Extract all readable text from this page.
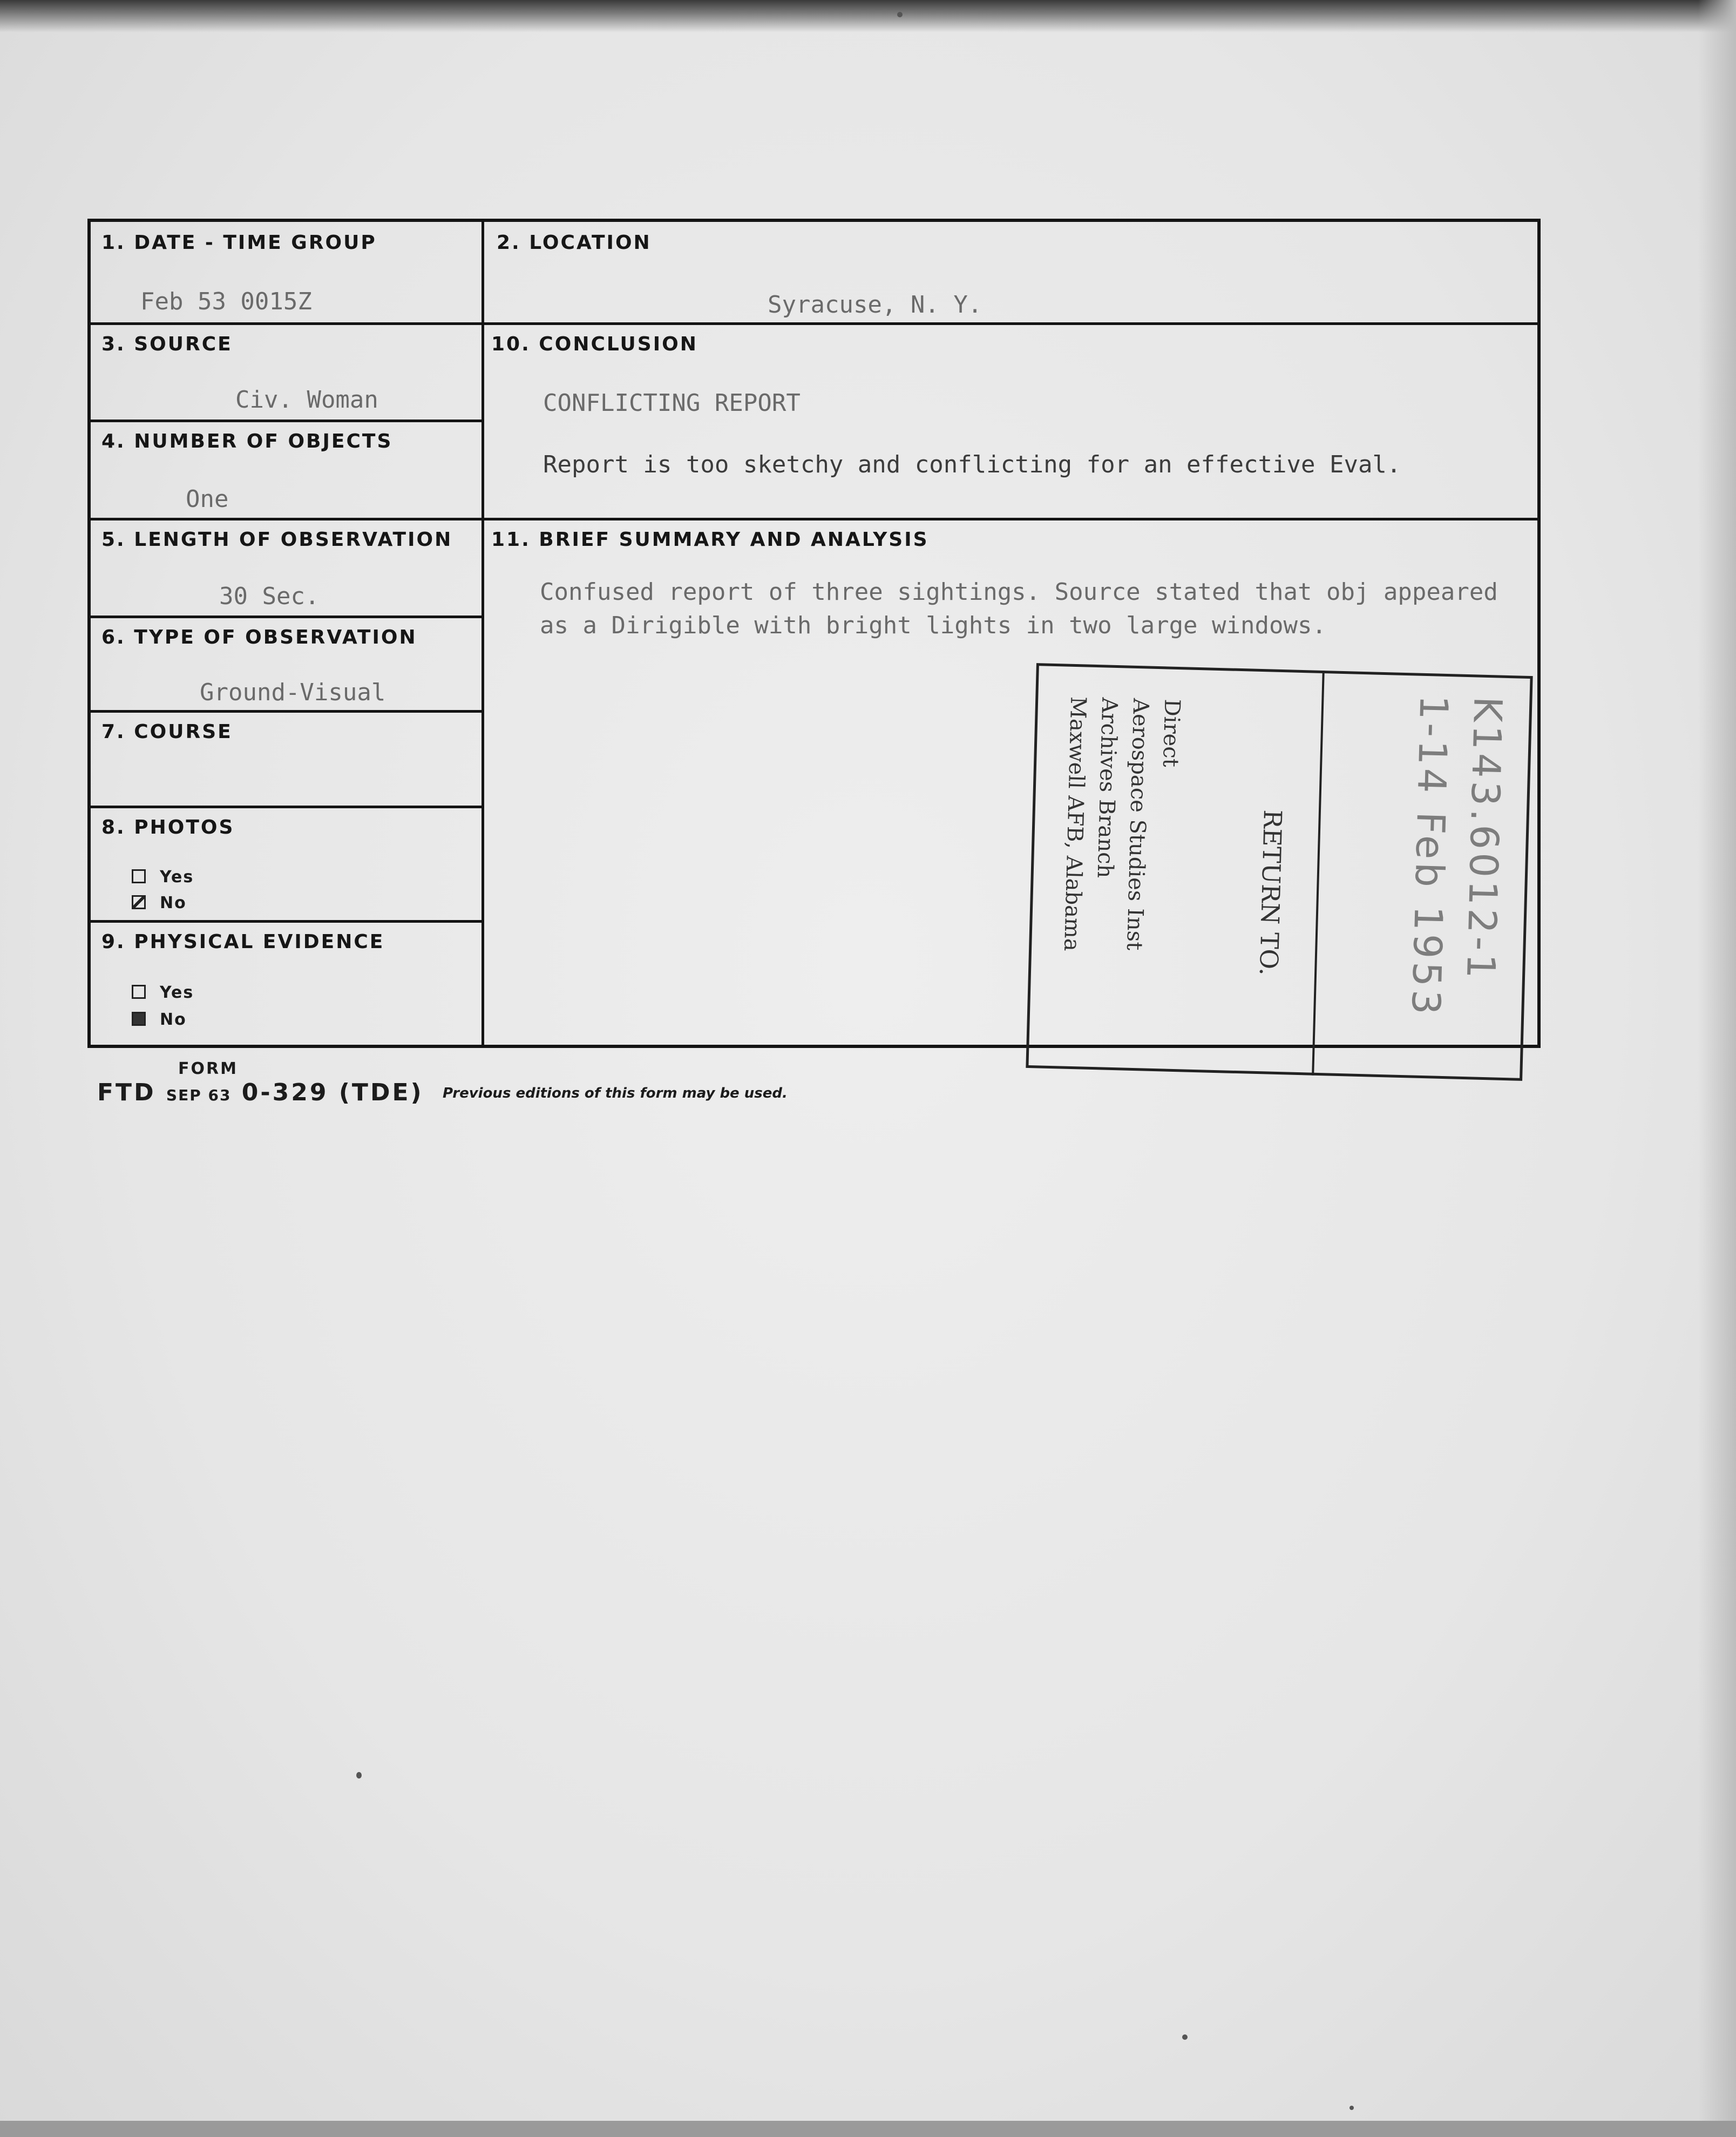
1. DATE - TIME GROUP
Feb 53 0015Z
2. LOCATION
Syracuse, N. Y.
3. SOURCE
Civ. Woman
4. NUMBER OF OBJECTS
One
5. LENGTH OF OBSERVATION
30 Sec.
6. TYPE OF OBSERVATION
Ground-Visual
7. COURSE
8. PHOTOS
Yes
No
9. PHYSICAL EVIDENCE
Yes
No
10. CONCLUSION
CONFLICTING REPORT
Report is too sketchy and conflicting for an effective Eval.
11. BRIEF SUMMARY AND ANALYSIS
Confused report of three sightings. Source stated that obj appeared as a Dirigible with bright lights in two large windows.
RETURN TO.
Direct
Aerospace Studies Inst
Archives Branch
Maxwell AFB, Alabama	K143.6012-1
1-14 Feb 1953
FORM
FTD SEP 63 0-329 (TDE) Previous editions of this form may be used.
